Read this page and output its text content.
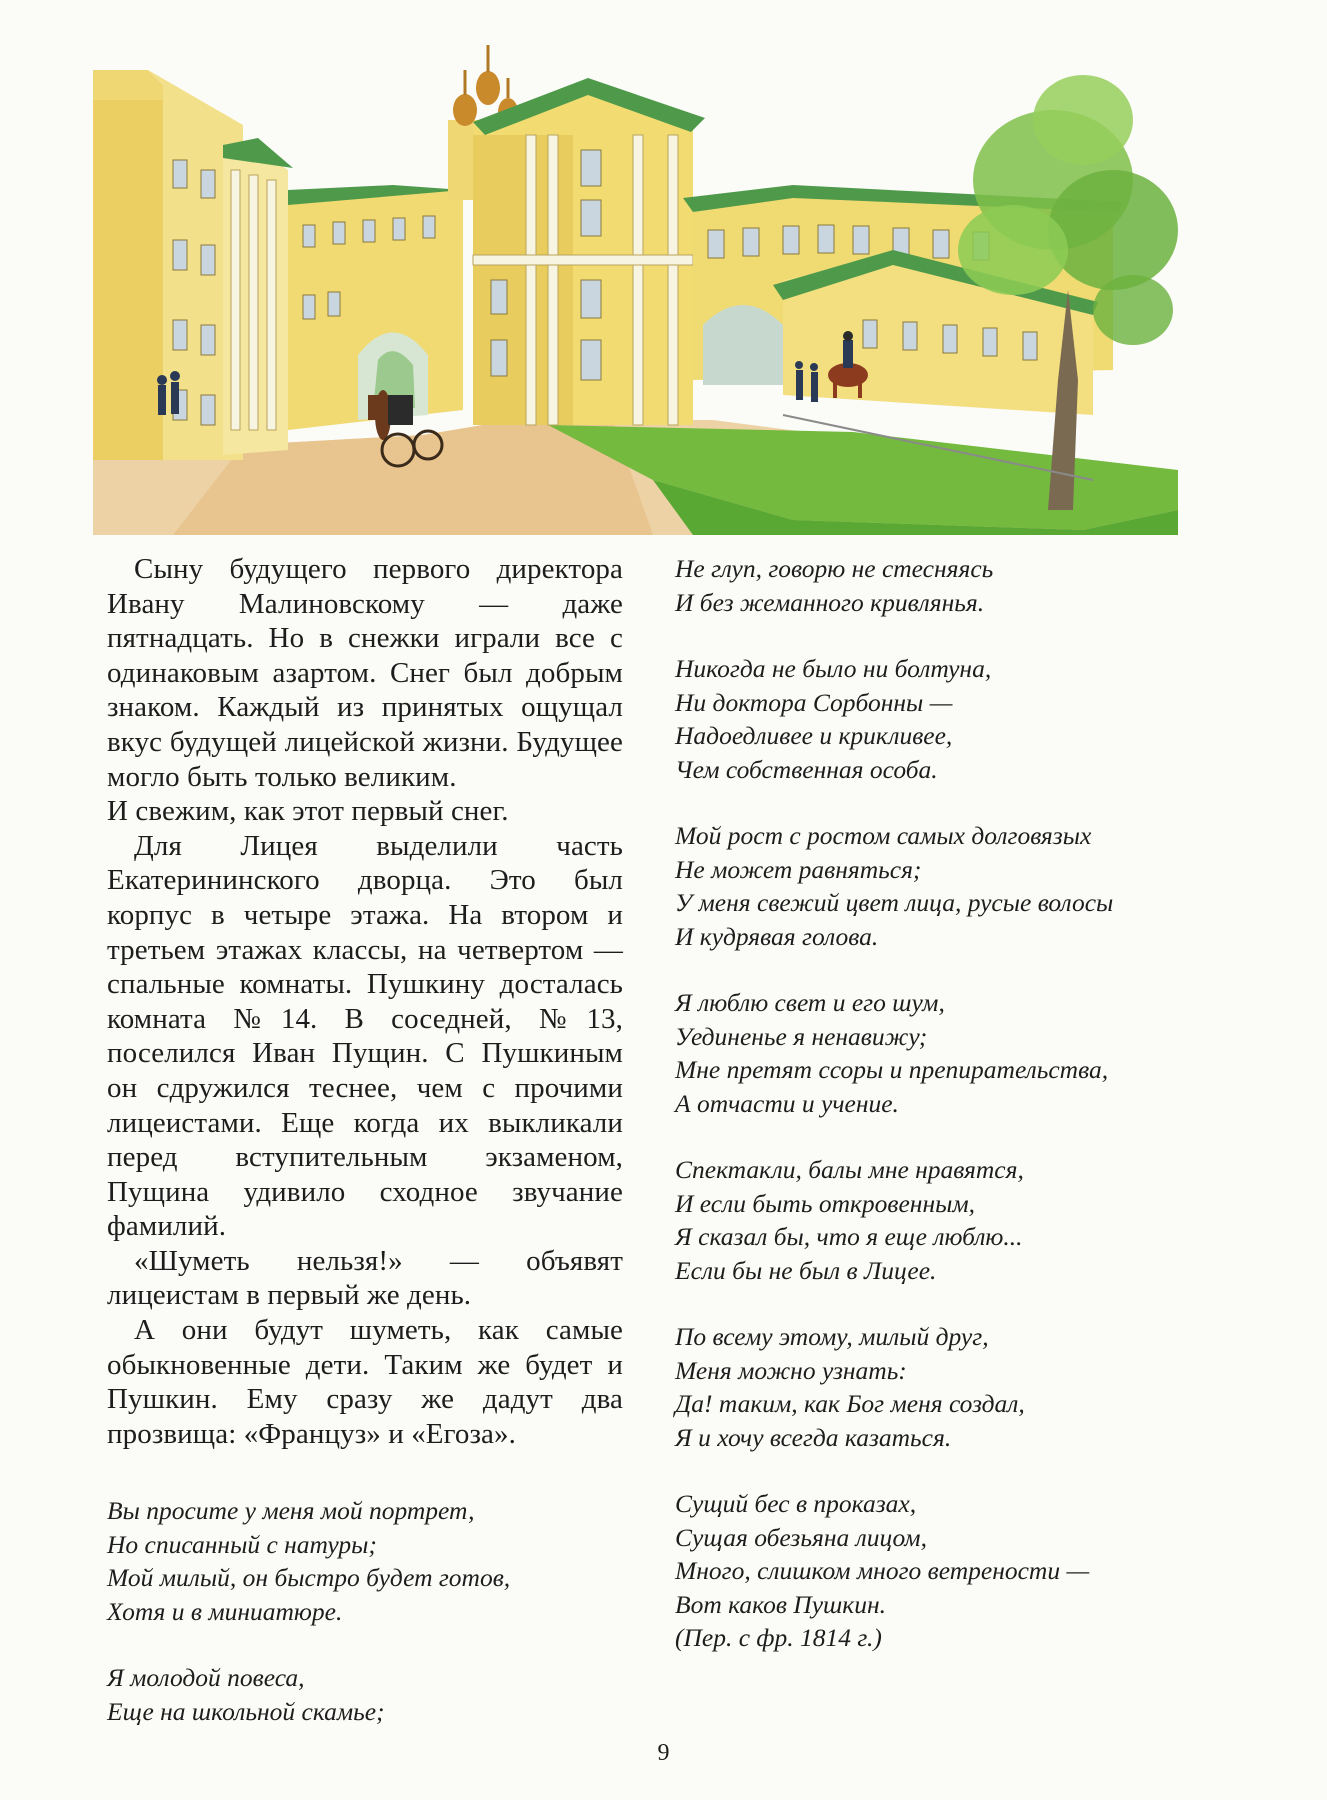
Сыну будущего первого директора Ивану Малиновскому — даже пятнадцать. Но в снежки играли все с одинаковым азартом. Снег был добрым знаком. Каждый из принятых ощущал вкус будущей лицейской жизни. Будущее могло быть только великим.

И свежим, как этот первый снег.

Для Лицея выделили часть Екатерининского дворца. Это был корпус в четыре этажа. На втором и третьем этажах классы, на четвертом — спальные комнаты. Пушкину досталась комната №14. В соседней, №13, поселился Иван Пущин. С Пушкиным он сдружился теснее, чем с прочими лицеистами. Еще когда их выкликали перед вступительным экзаменом, Пущина удивило сходное звучание фамилий.

«Шуметь нельзя!» — объявят лицеистам в первый же день.

А они будут шуметь, как самые обыкновенные дети. Таким же будет и Пушкин. Ему сразу же дадут два прозвища: «Француз» и «Егоза».

Вы просите у меня мой портрет,
Но списанный с натуры;
Мой милый, он быстро будет готов,
Хотя и в миниатюре.
Я молодой повеса,
Еще на школьной скамье;
Не глуп, говорю не стесняясь
И без жеманного кривлянья.
Никогда не было ни болтуна,
Ни доктора Сорбонны —
Надоедливее и крикливее,
Чем собственная особа.
Мой рост с ростом самых долговязых
Не может равняться;
У меня свежий цвет лица, русые волосы
И кудрявая голова.
Я люблю свет и его шум,
Уединенье я ненавижу;
Мне претят ссоры и препирательства,
А отчасти и учение.
Спектакли, балы мне нравятся,
И если быть откровенным,
Я сказал бы, что я еще люблю...
Если бы не был в Лицее.
По всему этому, милый друг,
Меня можно узнать:
Да! таким, как Бог меня создал,
Я и хочу всегда казаться.
Сущий бес в проказах,
Сущая обезьяна лицом,
Много, слишком много ветрености —
Вот каков Пушкин.
(Пер. с фр. 1814 г.)
9
